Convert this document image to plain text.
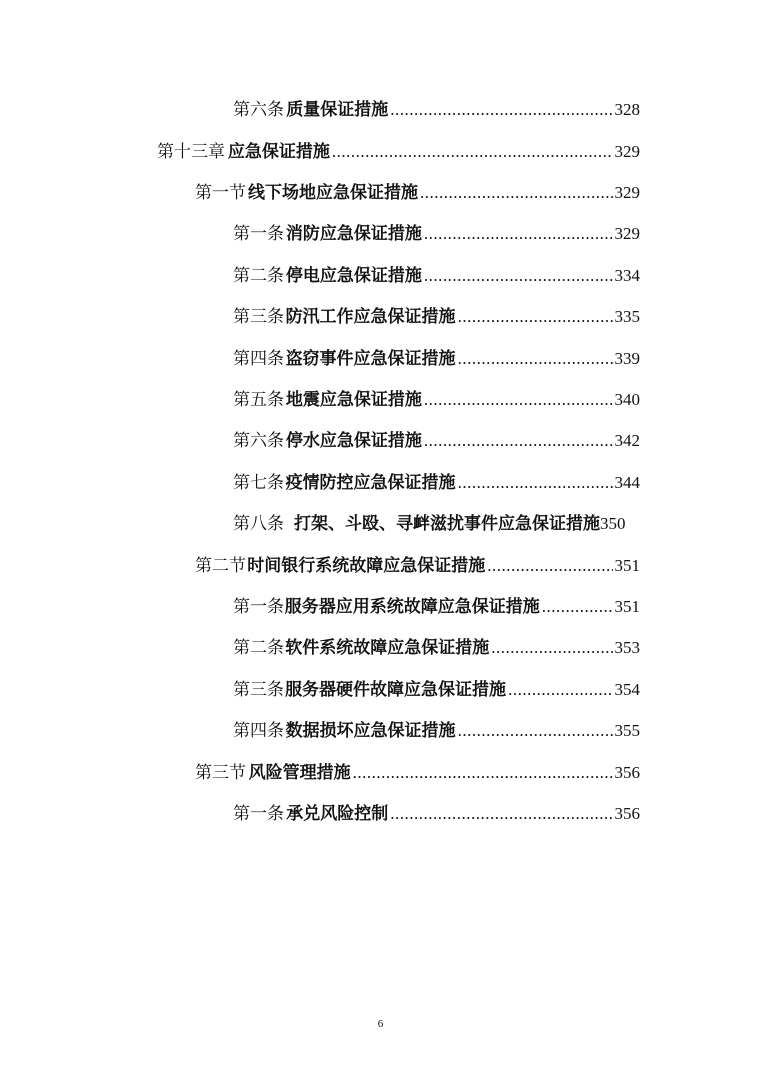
第六条 质量保证措施 .....	328
第十三章 应急保证措施 .....	329
第一节 线下场地应急保证措施 .....	329
第一条 消防应急保证措施 .....	329
第二条 停电应急保证措施 .....	334
第三条 防汛工作应急保证措施 .....	335
第四条 盗窃事件应急保证措施 .....	339
第五条 地震应急保证措施 .....	340
第六条 停水应急保证措施 .....	342
第七条 疫情防控应急保证措施 .....	344
第八条 打架、斗殴、寻衅滋扰事件应急保证措施 350
第二节 时间银行系统故障应急保证措施 .....	351
第一条 服务器应用系统故障应急保证措施 .....	351
第二条 软件系统故障应急保证措施 .....	353
第三条 服务器硬件故障应急保证措施 .....	354
第四条 数据损坏应急保证措施 .....	355
第三节 风险管理措施 .....	356
第一条 承兑风险控制 .....	356
6
